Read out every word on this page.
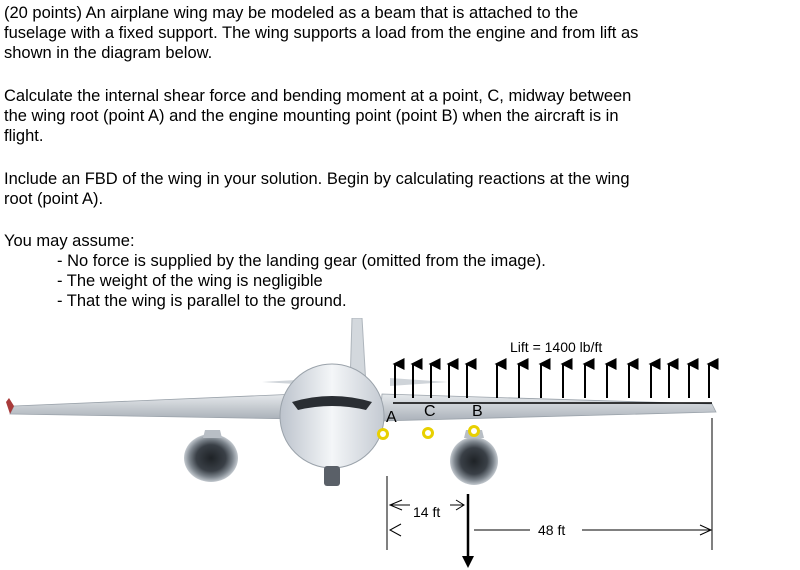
(20 points) An airplane wing may be modeled as a beam that is attached to the
fuselage with a fixed support. The wing supports a load from the engine and from lift as
shown in the diagram below.
Calculate the internal shear force and bending moment at a point, C, midway between
the wing root (point A) and the engine mounting point (point B) when the aircraft is in
flight.
Include an FBD of the wing in your solution. Begin by calculating reactions at the wing
root (point A).
You may assume:
- No force is supplied by the landing gear (omitted from the image).
- The weight of the wing is negligible
- That the wing is parallel to the ground.
Lift = 1400 lb/ft
A C B
14 ft
48 ft
